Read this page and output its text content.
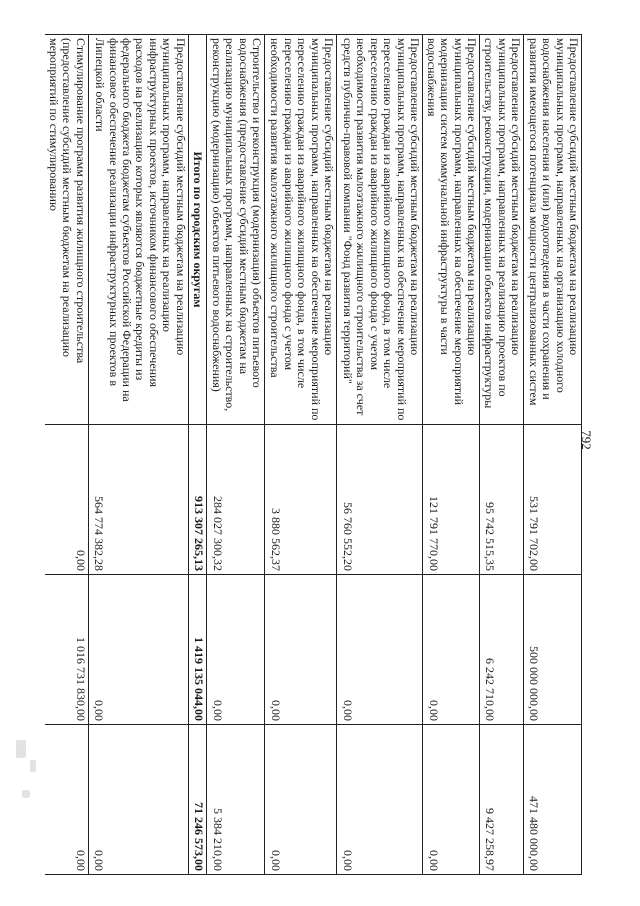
792
Предоставление субсидий местным бюджетам на реализацию муниципальных программ, направленных на организацию холодного водоснабжения населения и (или) водоотведения в части сохранения и развития имеющегося потенциала мощности централизованных систем	531 791 702,00	500 000 000,00	471 480 000,00
Предоставление субсидий местным бюджетам на реализацию муниципальных программ, направленных на реализацию проектов по строительству, реконструкции, модернизации объектов инфраструктуры	95 742 515,35	6 242 710,00	9 427 258,97
Предоставление субсидий местным бюджетам на реализацию муниципальных программ, направленных на обеспечение мероприятий модернизации систем коммунальной инфраструктуры в части водоснабжения	121 791 770,00	0,00	0,00
Предоставление субсидий местным бюджетам на реализацию муниципальных программ, направленных на обеспечение мероприятий по переселению граждан из аварийного жилищного фонда, в том числе переселению граждан из аварийного жилищного фонда с учетом необходимости развития малоэтажного жилищного строительства за счет средств публично-правовой компании "Фонд развития территорий"	56 760 552,20	0,00	0,00
Предоставление субсидий местным бюджетам на реализацию муниципальных программ, направленных на обеспечение мероприятий по переселению граждан из аварийного жилищного фонда, в том числе переселению граждан из аварийного жилищного фонда с учетом необходимости развития малоэтажного жилищного строительства	3 880 562,37	0,00	0,00
Строительство и реконструкция (модернизация) объектов питьевого водоснабжения (предоставление субсидий местным бюджетам на реализацию муниципальных программ, направленных на строительство, реконструкцию (модернизацию) объектов питьевого водоснабжения)	284 027 300,32	0,00	5 384 210,00
Итого по городским округам	913 307 265,13	1 419 135 044,00	71 246 573,00
Предоставление субсидий местным бюджетам на реализацию муниципальных программ, направленных на реализацию инфраструктурных проектов, источником финансового обеспечения расходов на реализацию которых являются бюджетные кредиты из федерального бюджета бюджетам субъектов Российской Федерации на финансовое обеспечение реализации инфраструктурных проектов в Липецкой области	564 774 382,28	0,00	0,00
Стимулирование программ развития жилищного строительства (предоставление субсидий местным бюджетам на реализацию мероприятий по стимулированию	0,00	1 016 731 830,00	0,00
